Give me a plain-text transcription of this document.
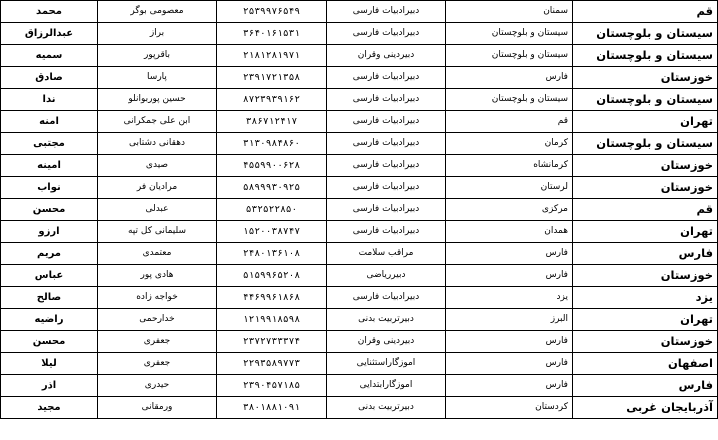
قم	سمنان	دبیرادبیات فارسی	۲۵۳۹۹۷۶۵۴۹	معصومی بوگر	محمد	
سیستان و بلوچستان	سیستان و بلوچستان	دبیرادبیات فارسی	۳۶۴۰۱۶۱۵۳۱	براز	عبدالرزاق	
سیستان و بلوچستان	سیستان و بلوچستان	دبیردینی وقران	۲۱۸۱۲۸۱۹۷۱	باقرپور	سمیه	
خوزستان	فارس	دبیرادبیات فارسی	۲۳۹۱۷۲۱۳۵۸	پارسا	صادق	
سیستان و بلوچستان	سیستان و بلوچستان	دبیرادبیات فارسی	۸۷۲۳۹۳۹۱۶۲	حسین پوربوانلو	ندا	
تهران	قم	دبیرادبیات فارسی	۳۸۶۷۱۲۴۱۷	ابن علی جمکرانی	امنه	
سیستان و بلوچستان	کرمان	دبیرادبیات فارسی	۳۱۳۰۹۸۴۸۶۰	دهقانی دشتابی	مجتبی	
خوزستان	کرمانشاه	دبیرادبیات فارسی	۴۵۵۹۹۰۰۶۲۸	صیدی	امینه	
خوزستان	لرستان	دبیرادبیات فارسی	۵۸۹۹۹۳۰۹۲۵	مرادیان فر	نواب	
قم	مرکزی	دبیرادبیات فارسی	۵۳۲۵۲۲۸۵۰	عبدلی	محسن	
تهران	همدان	دبیرادبیات فارسی	۱۵۲۰۰۳۸۷۴۷	سلیمانی کل تپه	ارزو	
فارس	فارس	مراقب سلامت	۲۴۸۰۱۳۶۱۰۸	معتمدی	مریم	
خوزستان	فارس	دبیرریاضی	۵۱۵۹۹۶۵۲۰۸	هادی پور	عباس	
یزد	یزد	دبیرادبیات فارسی	۴۴۶۹۹۶۱۸۶۸	خواجه زاده	صالح	
تهران	البرز	دبیرتربیت بدنی	۱۲۱۹۹۱۸۵۹۸	خدارحمی	راضیه	
خوزستان	فارس	دبیردینی وقران	۲۳۷۲۷۳۳۳۷۴	جعفری	محسن	
اصفهان	فارس	اموزگاراستثنایی	۲۲۹۳۵۸۹۷۷۳	جعفری	لیلا	
فارس	فارس	اموزگارابتدایی	۲۳۹۰۴۵۷۱۸۵	حیدری	اذر	
آذربایجان غربی	کردستان	دبیرتربیت بدنی	۳۸۰۱۸۸۱۰۹۱	ورمقانی	مجید	
